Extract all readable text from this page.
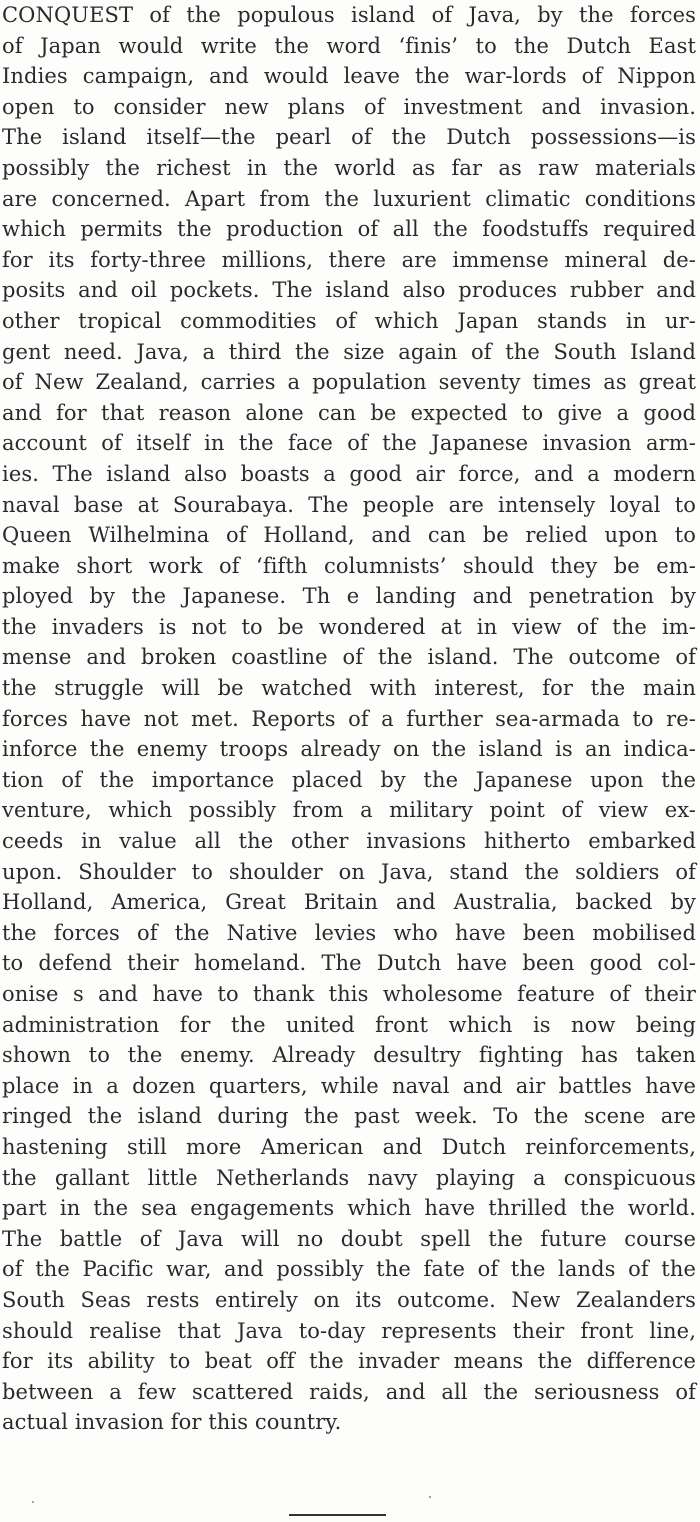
CONQUEST of the populous island of Java, by the forces
of Japan would write the word ‘finis’ to the Dutch East
Indies campaign, and would leave the war-lords of Nippon
open to consider new plans of investment and invasion.
The island itself—the pearl of the Dutch possessions—is
possibly the richest in the world as far as raw materials
are concerned. Apart from the luxurient climatic conditions
which permits the production of all the foodstuffs required
for its forty-three millions, there are immense mineral de-
posits and oil pockets. The island also produces rubber and
other tropical commodities of which Japan stands in ur-
gent need. Java, a third the size again of the South Island
of New Zealand, carries a population seventy times as great
and for that reason alone can be expected to give a good
account of itself in the face of the Japanese invasion arm-
ies. The island also boasts a good air force, and a modern
naval base at Sourabaya. The people are intensely loyal to
Queen Wilhelmina of Holland, and can be relied upon to
make short work of ‘fifth columnists’ should they be em-
ployed by the Japanese. Th e landing and penetration by
the invaders is not to be wondered at in view of the im-
mense and broken coastline of the island. The outcome of
the struggle will be watched with interest, for the main
forces have not met. Reports of a further sea-armada to re-
inforce the enemy troops already on the island is an indica-
tion of the importance placed by the Japanese upon the
venture, which possibly from a military point of view ex-
ceeds in value all the other invasions hitherto embarked
upon. Shoulder to shoulder on Java, stand the soldiers of
Holland, America, Great Britain and Australia, backed by
the forces of the Native levies who have been mobilised
to defend their homeland. The Dutch have been good col-
onise s and have to thank this wholesome feature of their
administration for the united front which is now being
shown to the enemy. Already desultry fighting has taken
place in a dozen quarters, while naval and air battles have
ringed the island during the past week. To the scene are
hastening still more American and Dutch reinforcements,
the gallant little Netherlands navy playing a conspicuous
part in the sea engagements which have thrilled the world.
The battle of Java will no doubt spell the future course
of the Pacific war, and possibly the fate of the lands of the
South Seas rests entirely on its outcome. New Zealanders
should realise that Java to-day represents their front line,
for its ability to beat off the invader means the difference
between a few scattered raids, and all the seriousness of
actual invasion for this country.
